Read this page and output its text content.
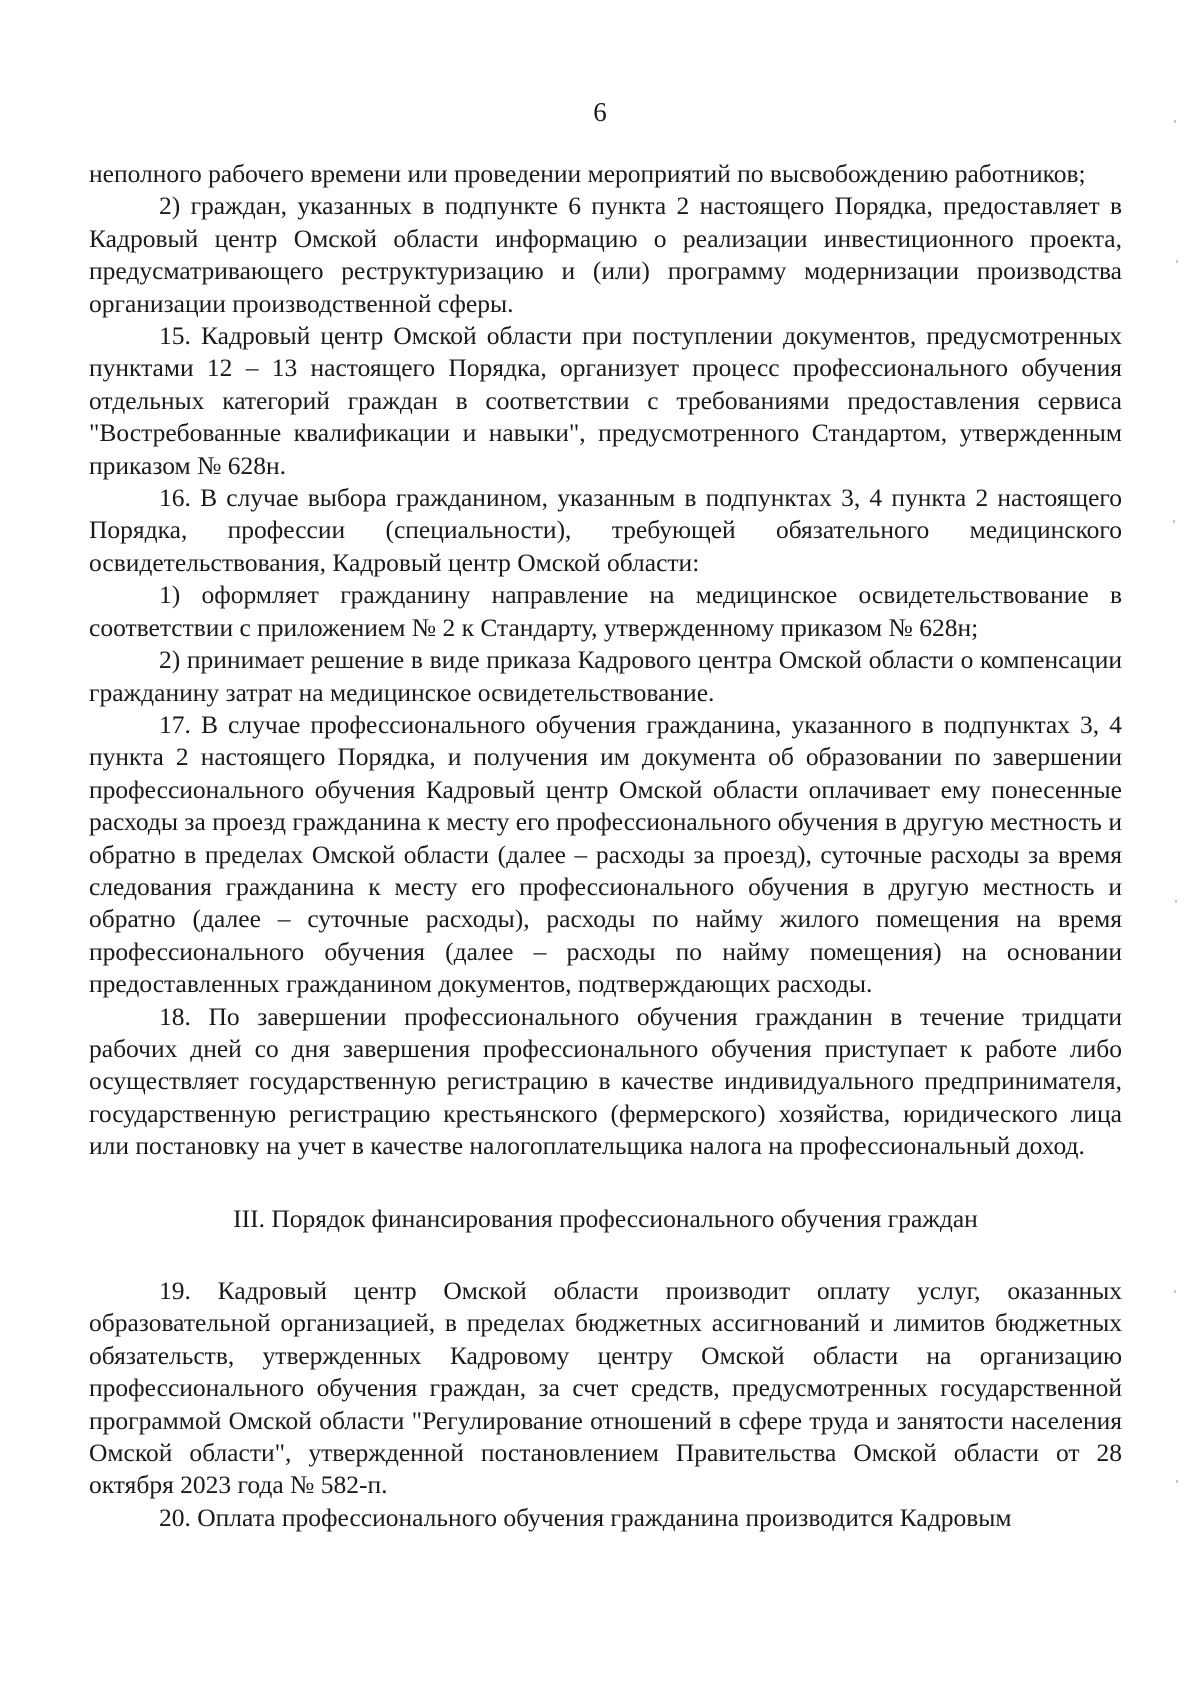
6

неполного рабочего времени или проведении мероприятий по высвобождению работников;

2) граждан, указанных в подпункте 6 пункта 2 настоящего Порядка, предоставляет в Кадровый центр Омской области информацию о реализации инвестиционного проекта, предусматривающего реструктуризацию и (или) программу модернизации производства организации производственной сферы.

15. Кадровый центр Омской области при поступлении документов, предусмотренных пунктами 12 – 13 настоящего Порядка, организует процесс профессионального обучения отдельных категорий граждан в соответствии с требованиями предоставления сервиса "Востребованные квалификации и навыки", предусмотренного Стандартом, утвержденным приказом № 628н.

16. В случае выбора гражданином, указанным в подпунктах 3, 4 пункта 2 настоящего Порядка, профессии (специальности), требующей обязательного медицинского освидетельствования, Кадровый центр Омской области:

1) оформляет гражданину направление на медицинское освидетельствование в соответствии с приложением № 2 к Стандарту, утвержденному приказом № 628н;

2) принимает решение в виде приказа Кадрового центра Омской области о компенсации гражданину затрат на медицинское освидетельствование.

17. В случае профессионального обучения гражданина, указанного в подпунктах 3, 4 пункта 2 настоящего Порядка, и получения им документа об образовании по завершении профессионального обучения Кадровый центр Омской области оплачивает ему понесенные расходы за проезд гражданина к месту его профессионального обучения в другую местность и обратно в пределах Омской области (далее – расходы за проезд), суточные расходы за время следования гражданина к месту его профессионального обучения в другую местность и обратно (далее – суточные расходы), расходы по найму жилого помещения на время профессионального обучения (далее – расходы по найму помещения) на основании предоставленных гражданином документов, подтверждающих расходы.

18. По завершении профессионального обучения гражданин в течение тридцати рабочих дней со дня завершения профессионального обучения приступает к работе либо осуществляет государственную регистрацию в качестве индивидуального предпринимателя, государственную регистрацию крестьянского (фермерского) хозяйства, юридического лица или постановку на учет в качестве налогоплательщика налога на профессиональный доход.

III. Порядок финансирования профессионального обучения граждан

19. Кадровый центр Омской области производит оплату услуг, оказанных образовательной организацией, в пределах бюджетных ассигнований и лимитов бюджетных обязательств, утвержденных Кадровому центру Омской области на организацию профессионального обучения граждан, за счет средств, предусмотренных государственной программой Омской области "Регулирование отношений в сфере труда и занятости населения Омской области", утвержденной постановлением Правительства Омской области от 28 октября 2023 года № 582-п.

20. Оплата профессионального обучения гражданина производится Кадровым
